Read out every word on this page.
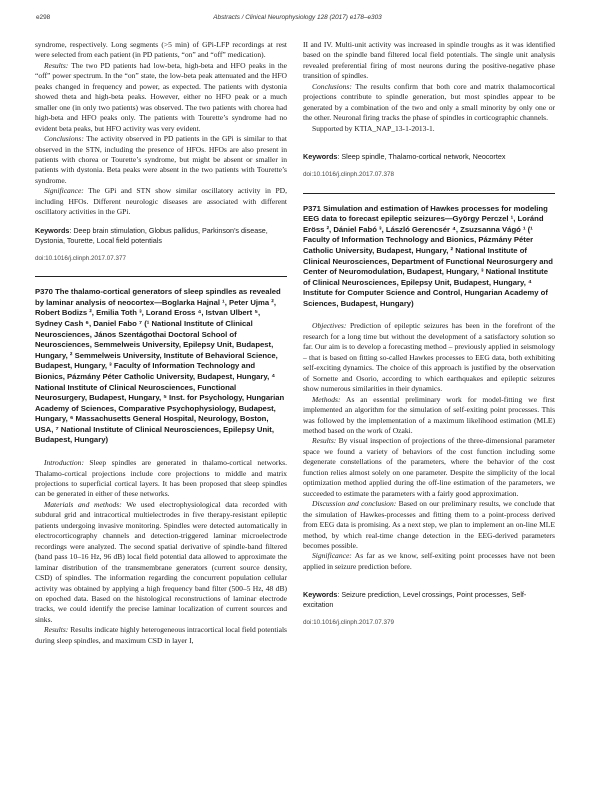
e298	Abstracts / Clinical Neurophysiology 128 (2017) e178–e303

syndrome, respectively. Long segments (>5 min) of GPi-LFP recordings at rest were selected from each patient (in PD patients, “on” and “off” medication).

Results: The two PD patients had low-beta, high-beta and HFO peaks in the “off” power spectrum. In the “on” state, the low-beta peak attenuated and the HFO peaks changed in frequency and power, as expected. The patients with dystonia showed theta and high-beta peaks. However, either no HFO peak or a much smaller one (in only two patients) was observed. The two patients with chorea had high-beta and HFO peaks only. The patients with Tourette’s syndrome had no evident beta peaks, but HFO activity was very evident.

Conclusions: The activity observed in PD patients in the GPi is similar to that observed in the STN, including the presence of HFOs. HFOs are also present in patients with chorea or Tourette’s syndrome, but might be absent or smaller in patients with dystonia. Beta peaks were absent in the two patients with Tourette’s syndrome.

Significance: The GPi and STN show similar oscillatory activity in PD, including HFOs. Different neurologic diseases are associated with different oscillatory activities in the GPi.

Keywords: Deep brain stimulation, Globus pallidus, Parkinson’s disease, Dystonia, Tourette, Local field potentials
doi:10.1016/j.clinph.2017.07.377
P370 The thalamo-cortical generators of sleep spindles as revealed by laminar analysis of neocortex—Boglarka Hajnal ¹, Peter Ujma ², Robert Bodizs ², Emilia Toth ³, Lorand Eross ⁴, Istvan Ulbert ⁵, Sydney Cash ⁶, Daniel Fabo ⁷ (¹ National Institute of Clinical Neurosciences, János Szentágothai Doctoral School of Neurosciences, Semmelweis University, Epilepsy Unit, Budapest, Hungary, ² Semmelweis University, Institute of Behavioral Science, Budapest, Hungary, ³ Faculty of Information Technology and Bionics, Pázmány Péter Catholic University, Budapest, Hungary, ⁴ National Institute of Clinical Neurosciences, Functional Neurosurgery, Budapest, Hungary, ⁵ Inst. for Psychology, Hungarian Academy of Sciences, Comparative Psychophysiology, Budapest, Hungary, ⁶ Massachusetts General Hospital, Neurology, Boston, USA, ⁷ National Institute of Clinical Neurosciences, Epilepsy Unit, Budapest, Hungary)

Introduction: Sleep spindles are generated in thalamo-cortical networks. Thalamo-cortical projections include core projections to middle and matrix projections to superficial cortical layers. It has been proposed that sleep spindles can be generated in either of these networks.

Materials and methods: We used electrophysiological data recorded with subdural grid and intracortical multielectrodes in five therapy-resistant epileptic patients undergoing invasive monitoring. Spindles were detected automatically in electrocorticography channels and detection-triggered laminar microelectrode recordings were analyzed. The second spatial derivative of spindle-band filtered (band pass 10–16 Hz, 96 dB) local field potential data allowed to approximate the laminar distribution of the transmembrane generators (current source density, CSD) of spindles. The information regarding the concurrent population cellular activity was obtained by applying a high frequency band filter (500–5 Hz, 48 dB) on epoched data. Based on the histological reconstructions of laminar electrode tracks, we could identify the precise laminar localization of current sources and sinks.

Results: Results indicate highly heterogeneous intracortical local field potentials during sleep spindles, and maximum CSD in layer I,

II and IV. Multi-unit activity was increased in spindle troughs as it was identified based on the spindle band filtered local field potentials. The single unit analysis revealed preferential firing of most neurons during the positive-negative phase transition of spindles.

Conclusions: The results confirm that both core and matrix thalamocortical projections contribute to spindle generation, but most spindles appear to be generated by a combination of the two and only a small minority by only one or the other. Neuronal firing tracks the phase of spindles in corticographic channels.

Supported by KTIA_NAP_13-1-2013-1.

Keywords: Sleep spindle, Thalamo-cortical network, Neocortex
doi:10.1016/j.clinph.2017.07.378
P371 Simulation and estimation of Hawkes processes for modeling EEG data to forecast epileptic seizures—György Perczel ¹, Loránd Eröss ², Dániel Fabó ³, László Gerencsér ⁴, Zsuzsanna Vágó ¹ (¹ Faculty of Information Technology and Bionics, Pázmány Péter Catholic University, Budapest, Hungary, ² National Institute of Clinical Neurosciences, Department of Functional Neurosurgery and Center of Neuromodulation, Budapest, Hungary, ³ National Institute of Clinical Neurosciences, Epilepsy Unit, Budapest, Hungary, ⁴ Institute for Computer Science and Control, Hungarian Academy of Sciences, Budapest, Hungary)

Objectives: Prediction of epileptic seizures has been in the forefront of the research for a long time but without the development of a satisfactory solution so far. Our aim is to develop a forecasting method – previously applied in seismology – that is based on fitting so-called Hawkes processes to EEG data, both exhibiting self-exciting dynamics. The choice of this approach is justified by the observation of Sornette and Osorio, according to which earthquakes and epileptic seizures show numerous similarities in their dynamics.

Methods: As an essential preliminary work for model-fitting we first implemented an algorithm for the simulation of self-exiting point processes. This was followed by the implementation of a maximum likelihood estimation (MLE) method based on the work of Ozaki.

Results: By visual inspection of projections of the three-dimensional parameter space we found a variety of behaviors of the cost function including some degenerate constellations of the parameters, where the behavior of the cost function relies almost solely on one parameter. Despite the simplicity of the local optimization method applied during the off-line estimation of the parameters, we succeeded to estimate the parameters with a fairly good approximation.

Discussion and conclusion: Based on our preliminary results, we conclude that the simulation of Hawkes-processes and fitting them to a point-process derived from EEG data is promising. As a next step, we plan to implement an on-line MLE method, by which real-time change detection in the EEG-derived parameters becomes possible.

Significance: As far as we know, self-exiting point processes have not been applied in seizure prediction before.

Keywords: Seizure prediction, Level crossings, Point processes, Self-excitation
doi:10.1016/j.clinph.2017.07.379
